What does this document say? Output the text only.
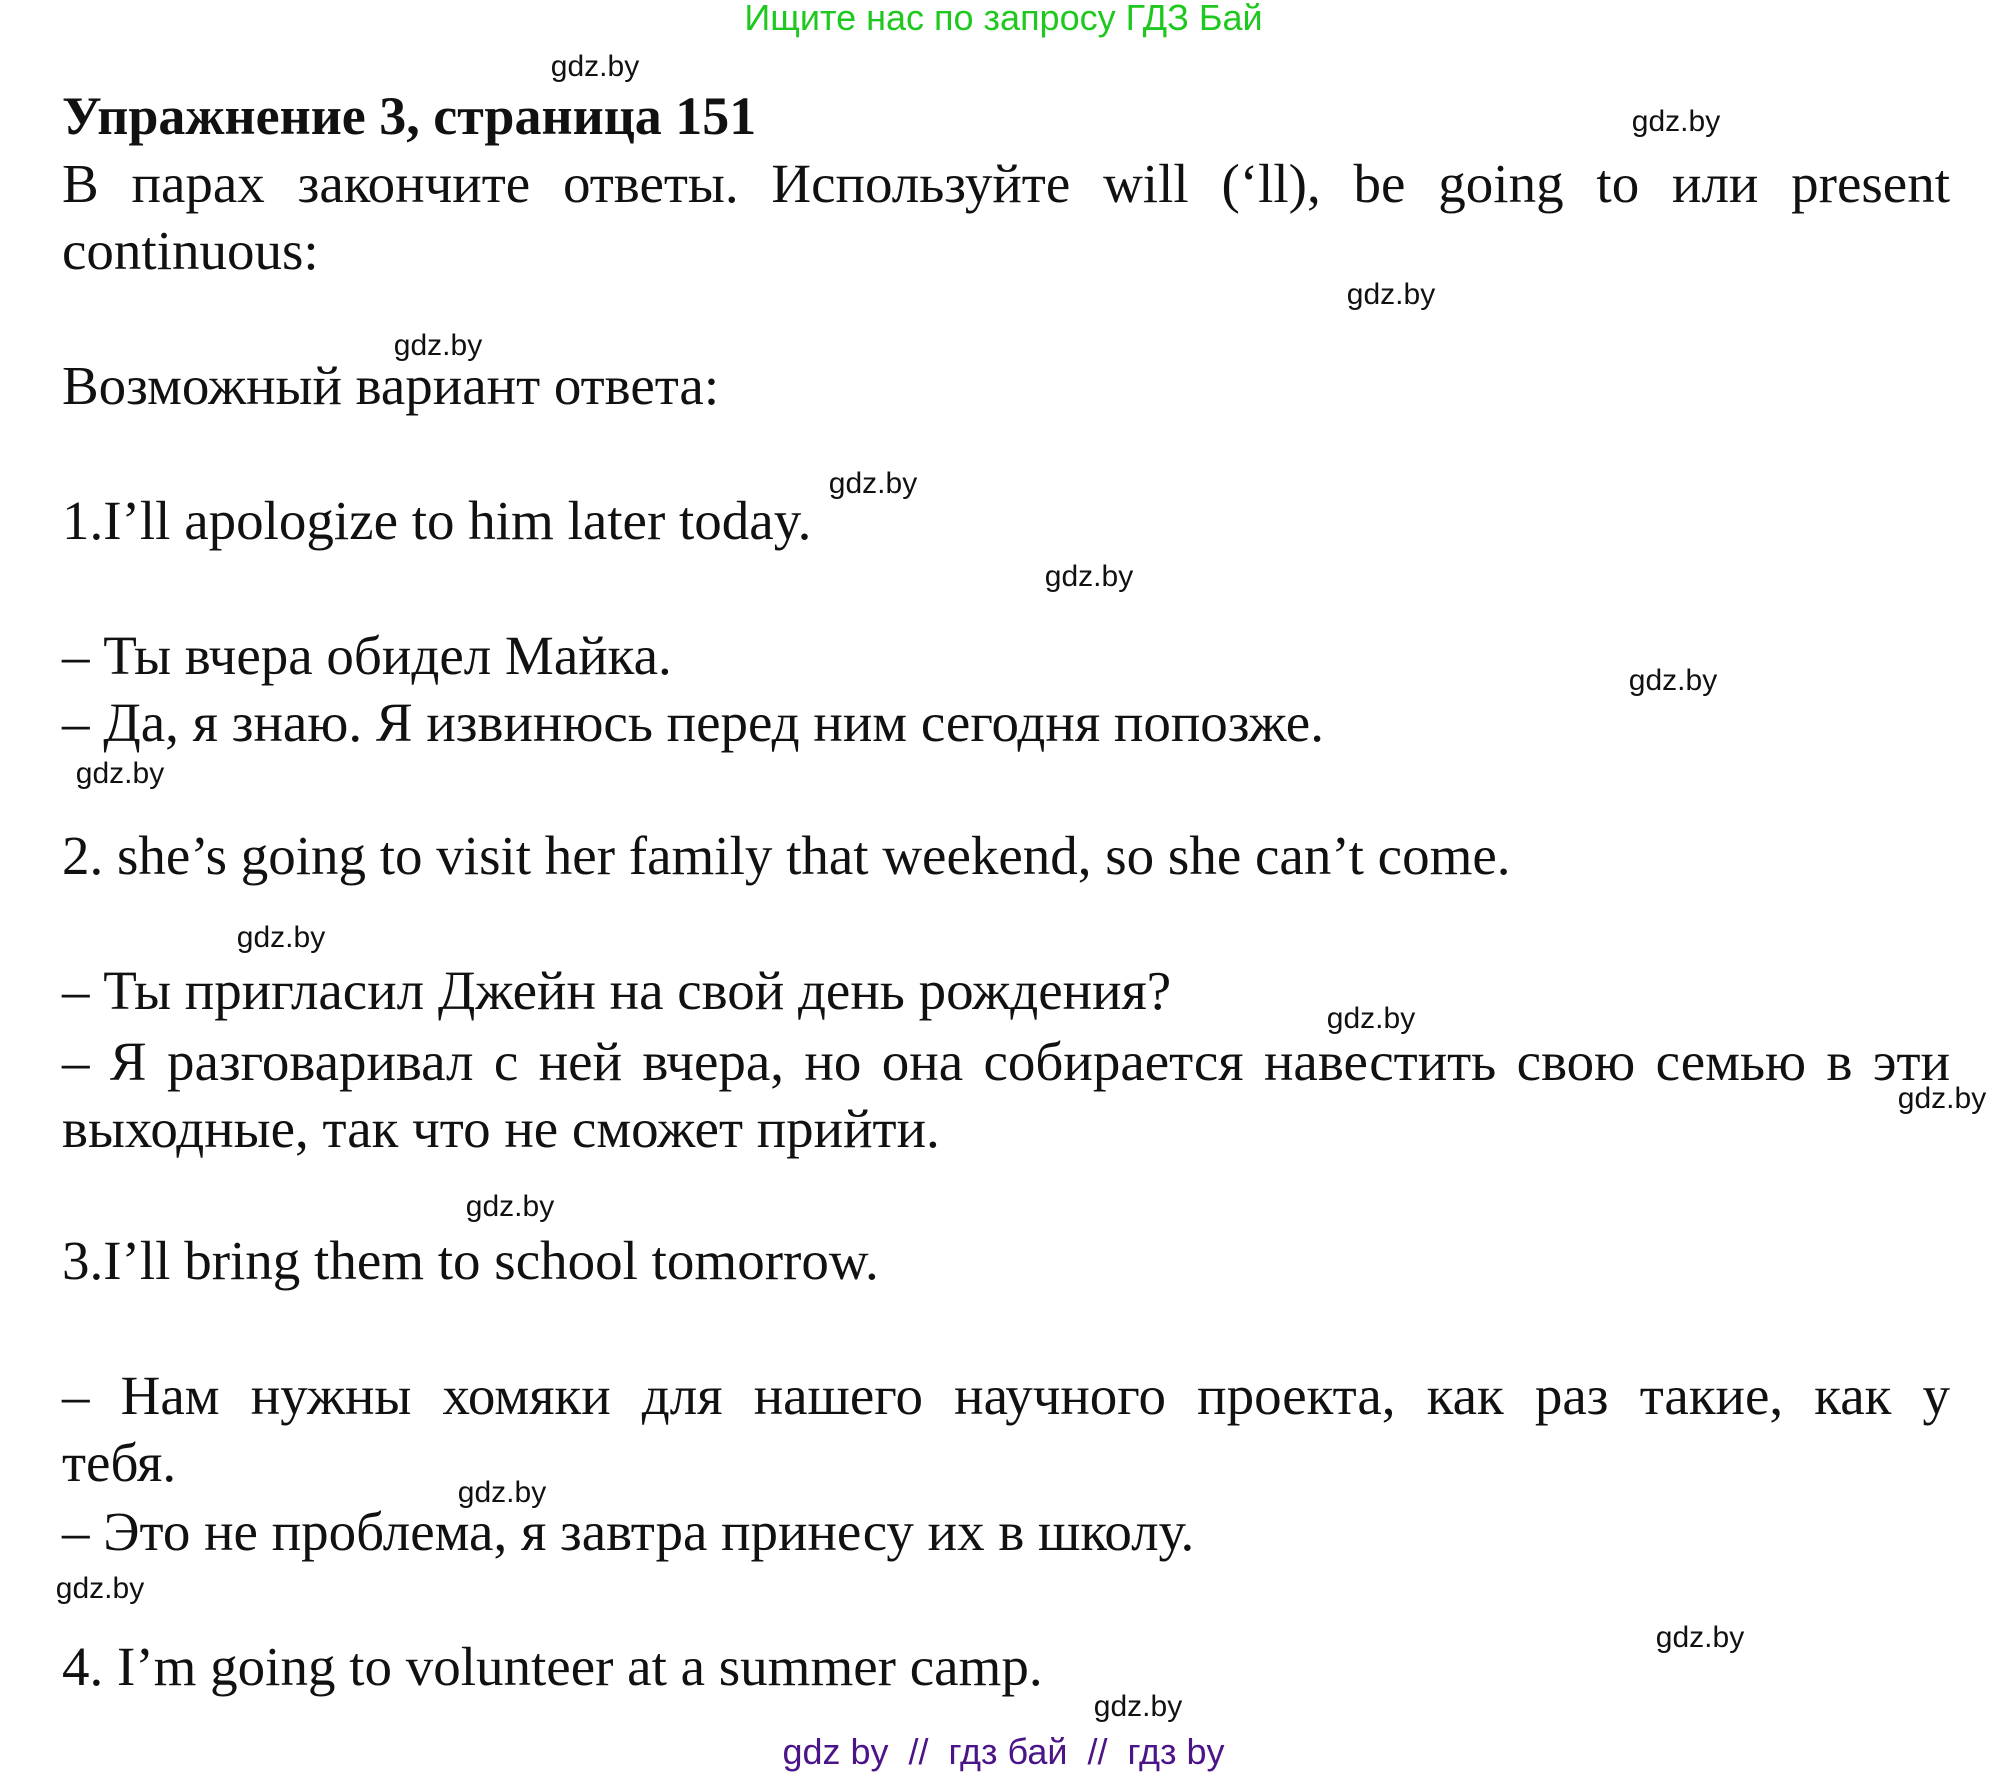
Ищите нас по запросу ГДЗ Бай
Упражнение 3, страница 151
В парах закончите ответы. Используйте will (‘ll), be going to или present
continuous:
Возможный вариант ответа:
1.I’ll apologize to him later today.
– Ты вчера обидел Майка.
– Да, я знаю. Я извинюсь перед ним сегодня попозже.
2. she’s going to visit her family that weekend, so she can’t come.
– Ты пригласил Джейн на свой день рождения?
– Я разговаривал с ней вчера, но она собирается навестить свою семью в эти
выходные, так что не сможет прийти.
3.I’ll bring them to school tomorrow.
– Нам нужны хомяки для нашего научного проекта, как раз такие, как у
тебя.
– Это не проблема, я завтра принесу их в школу.
4. I’m going to volunteer at a summer camp.
gdz.by
gdz.by
gdz.by
gdz.by
gdz.by
gdz.by
gdz.by
gdz.by
gdz.by
gdz.by
gdz.by
gdz.by
gdz.by
gdz.by
gdz.by
gdz.by
gdz by  //  гдз бай  //  гдз by
